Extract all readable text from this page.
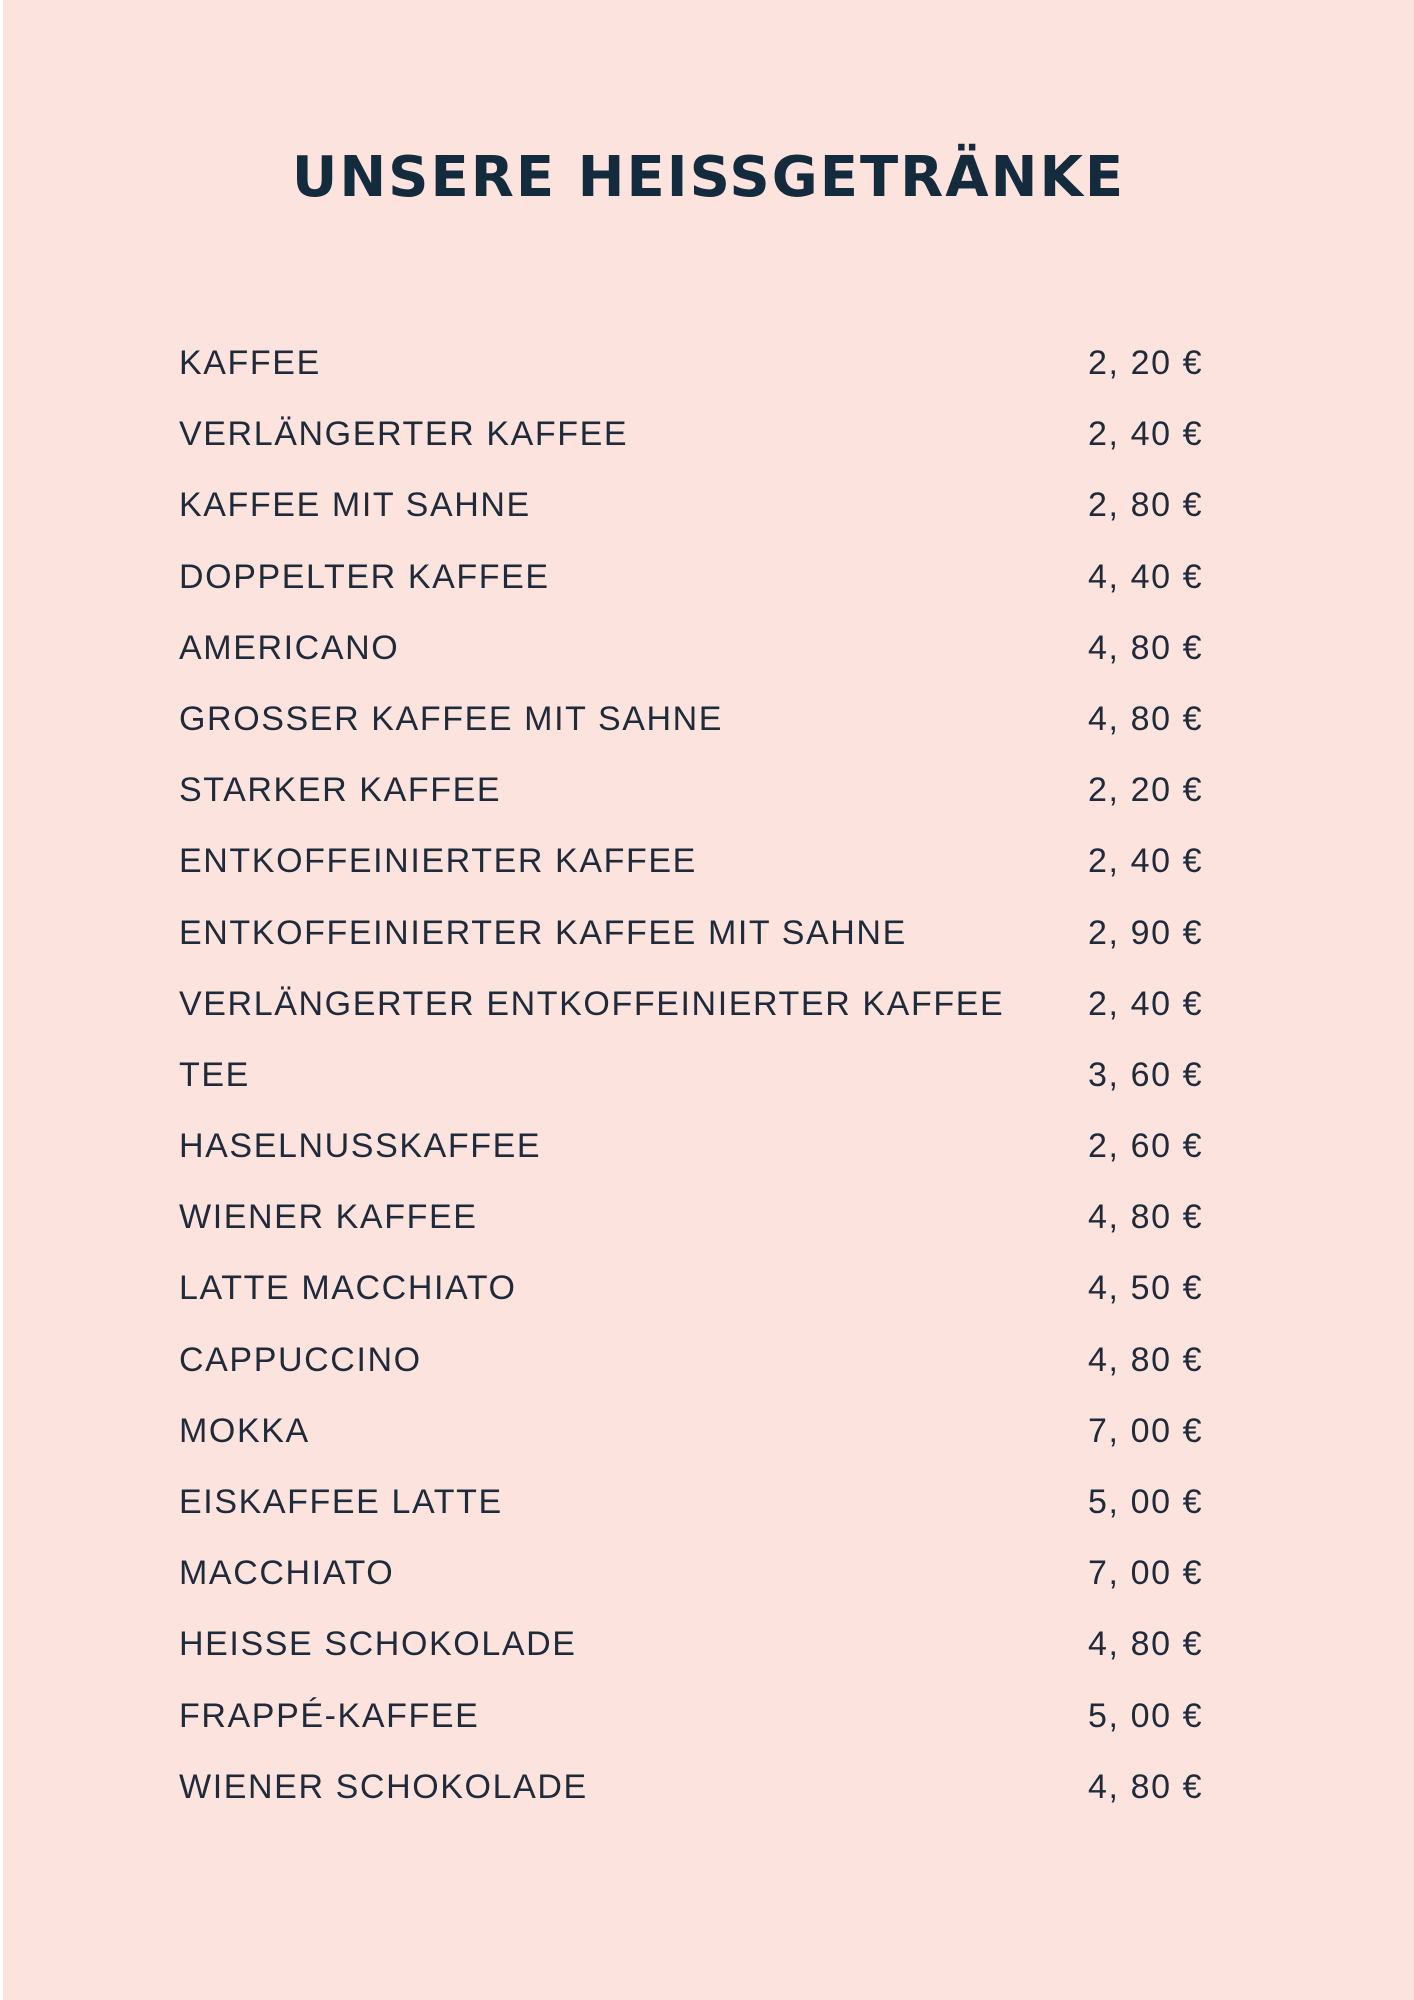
UNSERE HEISSGETRÄNKE
KAFFEE	2, 20 €
VERLÄNGERTER KAFFEE	2, 40 €
KAFFEE MIT SAHNE	2, 80 €
DOPPELTER KAFFEE	4, 40 €
AMERICANO	4, 80 €
GROSSER KAFFEE MIT SAHNE	4, 80 €
STARKER KAFFEE	2, 20 €
ENTKOFFEINIERTER KAFFEE	2, 40 €
ENTKOFFEINIERTER KAFFEE MIT SAHNE	2, 90 €
VERLÄNGERTER ENTKOFFEINIERTER KAFFEE 2, 40 €
TEE	3, 60 €
HASELNUSSKAFFEE	2, 60 €
WIENER KAFFEE	4, 80 €
LATTE MACCHIATO	4, 50 €
CAPPUCCINO	4, 80 €
MOKKA	7, 00 €
EISKAFFEE LATTE	5, 00 €
MACCHIATO	7, 00 €
HEISSE SCHOKOLADE	4, 80 €
FRAPPÉ-KAFFEE	5, 00 €
WIENER SCHOKOLADE	4, 80 €
